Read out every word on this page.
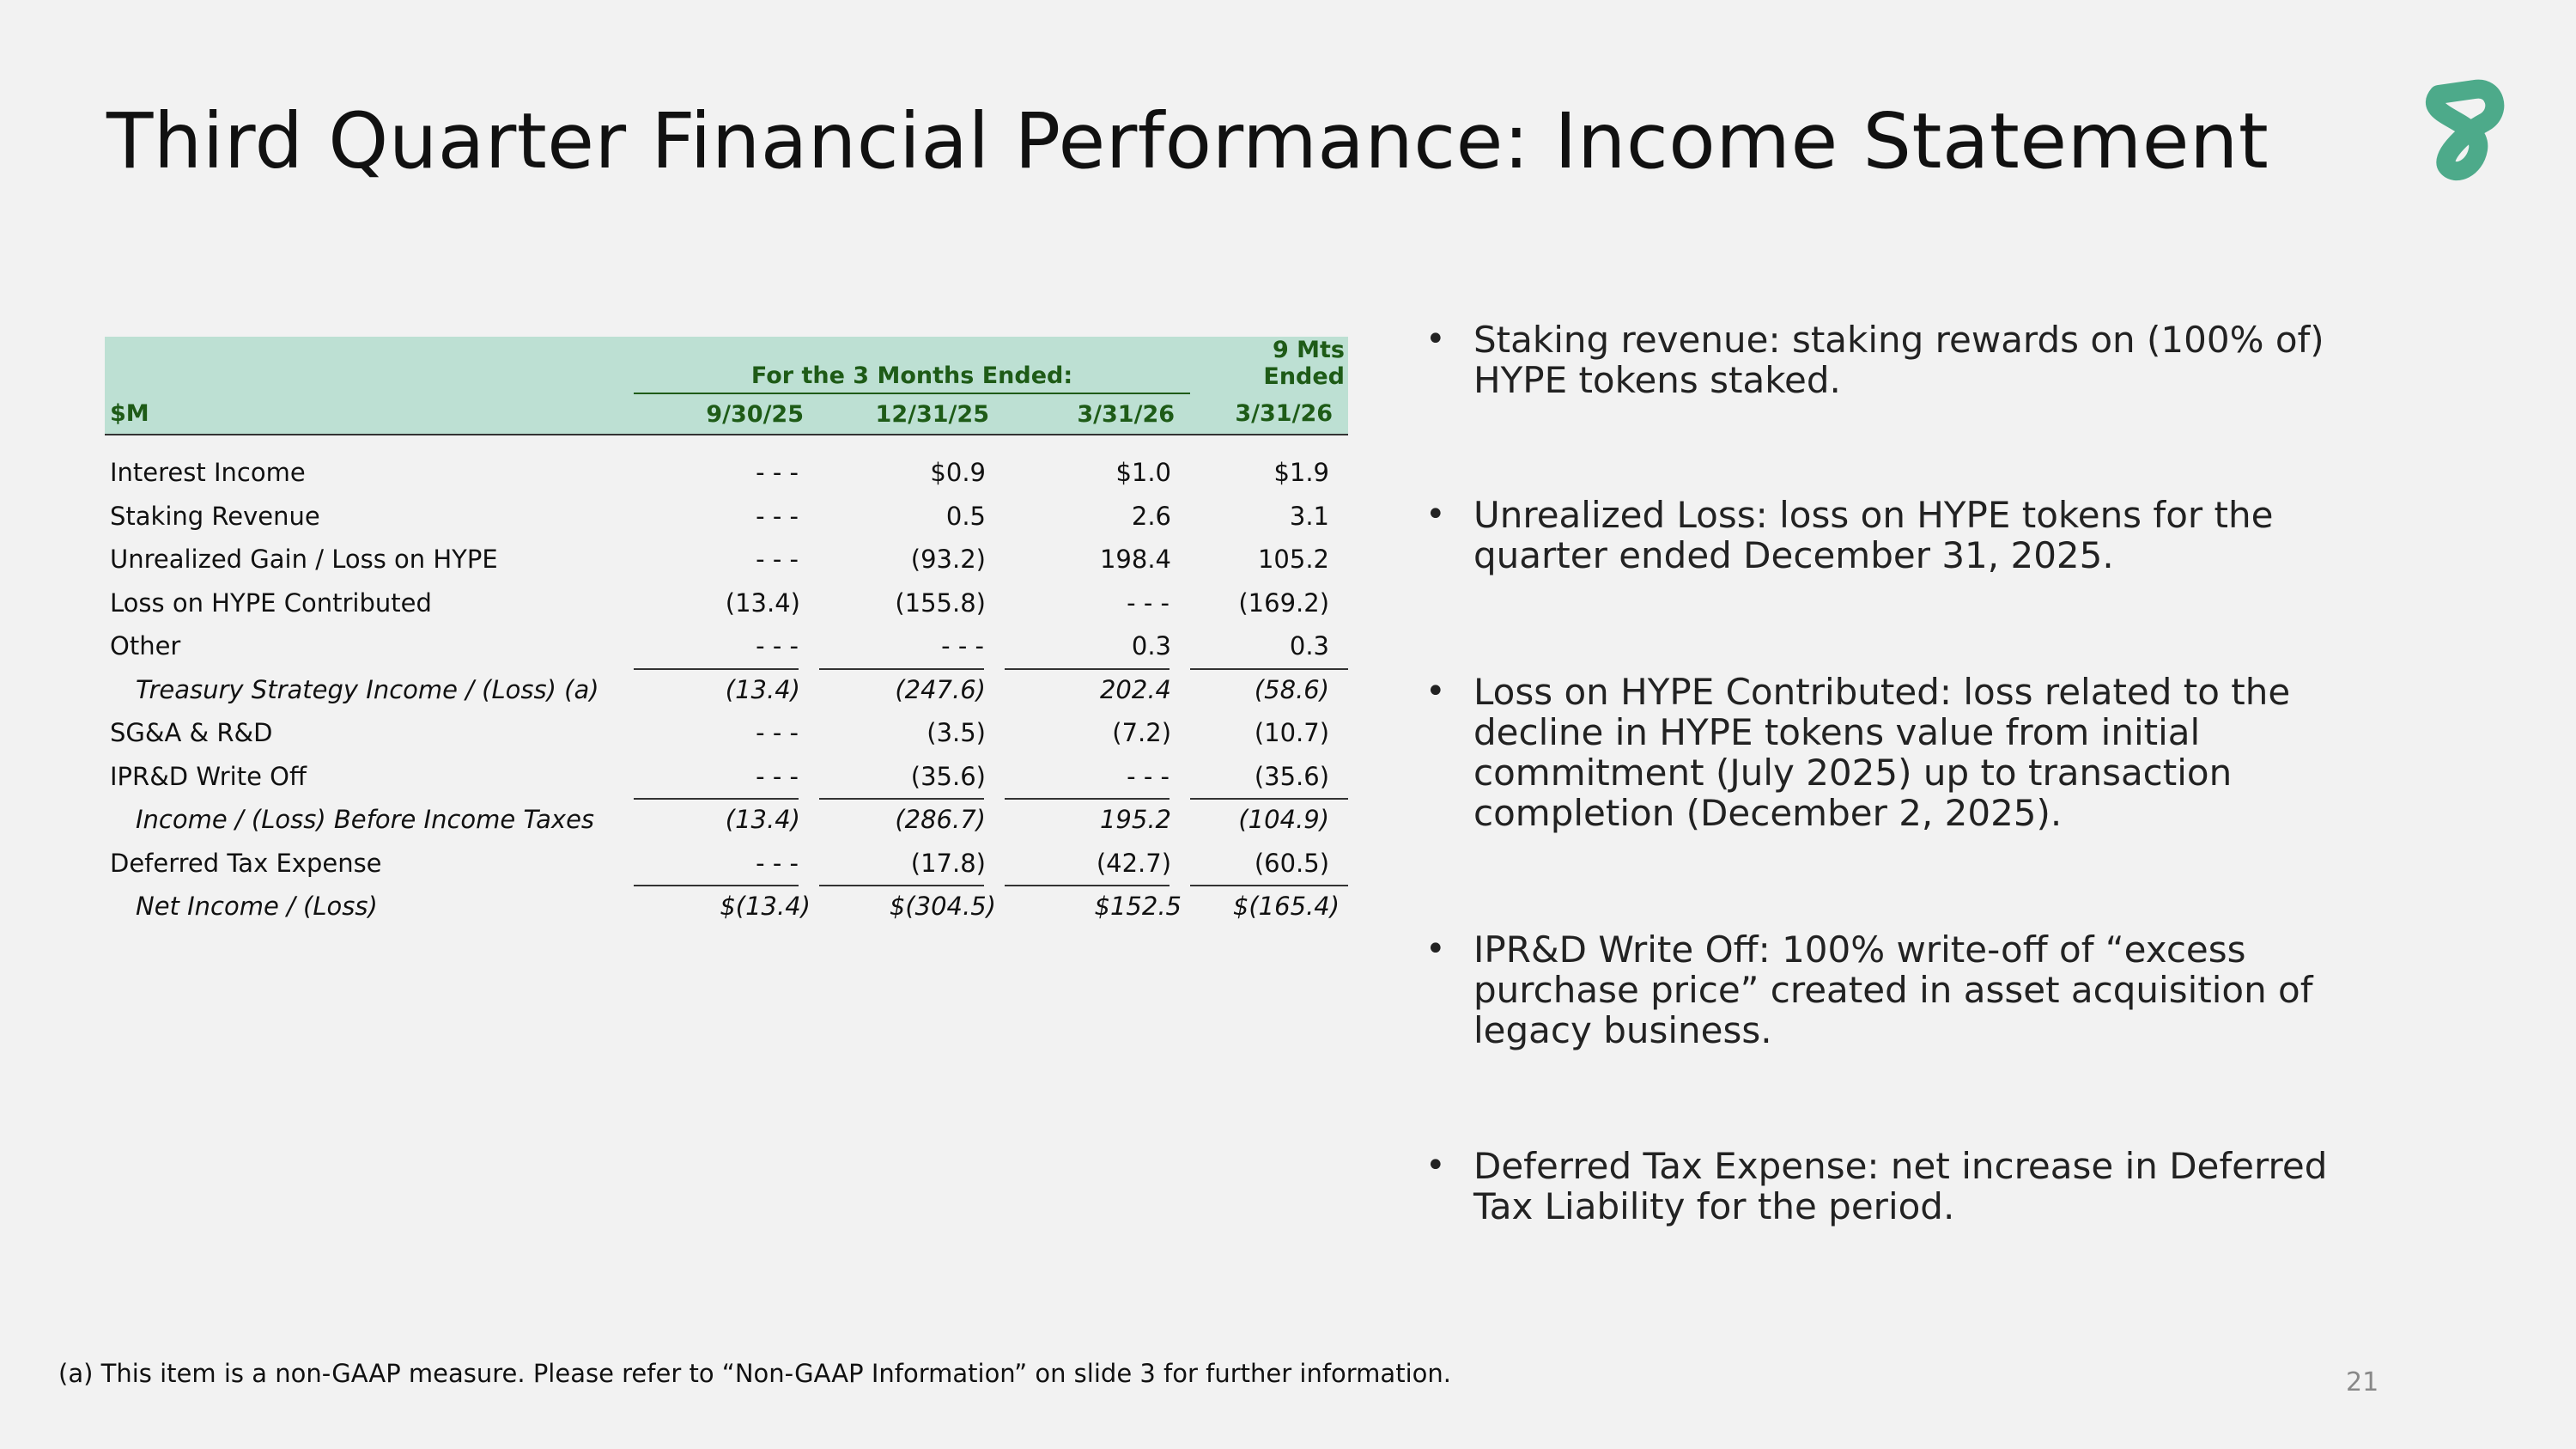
Third Quarter Financial Performance: Income Statement
	For the 3 Months Ended:			9 Mts Ended
$M	9/30/25	12/31/25	3/31/26	3/31/26

Interest Income	- - -	$0.9	$1.0	$1.9
Staking Revenue	- - -	0.5	2.6	3.1
Unrealized Gain / Loss on HYPE	- - -	(93.2)	198.4	105.2
Loss on HYPE Contributed	(13.4)	(155.8)	- - -	(169.2)
Other	- - -	- - -	0.3	0.3
Treasury Strategy Income / (Loss) (a)	(13.4)	(247.6)	202.4	(58.6)
SG&A & R&D	- - -	(3.5)	(7.2)	(10.7)
IPR&D Write Off	- - -	(35.6)	- - -	(35.6)
Income / (Loss) Before Income Taxes	(13.4)	(286.7)	195.2	(104.9)
Deferred Tax Expense	- - -	(17.8)	(42.7)	(60.5)
Net Income / (Loss)	$(13.4)	$(304.5)	$152.5	$(165.4)
• Staking revenue: staking rewards on (100% of) HYPE tokens staked.
• Unrealized Loss: loss on HYPE tokens for the quarter ended December 31, 2025.
• Loss on HYPE Contributed: loss related to the decline in HYPE tokens value from initial commitment (July 2025) up to transaction completion (December 2, 2025).
• IPR&D Write Off: 100% write-off of “excess purchase price” created in asset acquisition of legacy business.
• Deferred Tax Expense: net increase in Deferred Tax Liability for the period.
(a) This item is a non-GAAP measure. Please refer to “Non-GAAP Information” on slide 3 for further information.	21
